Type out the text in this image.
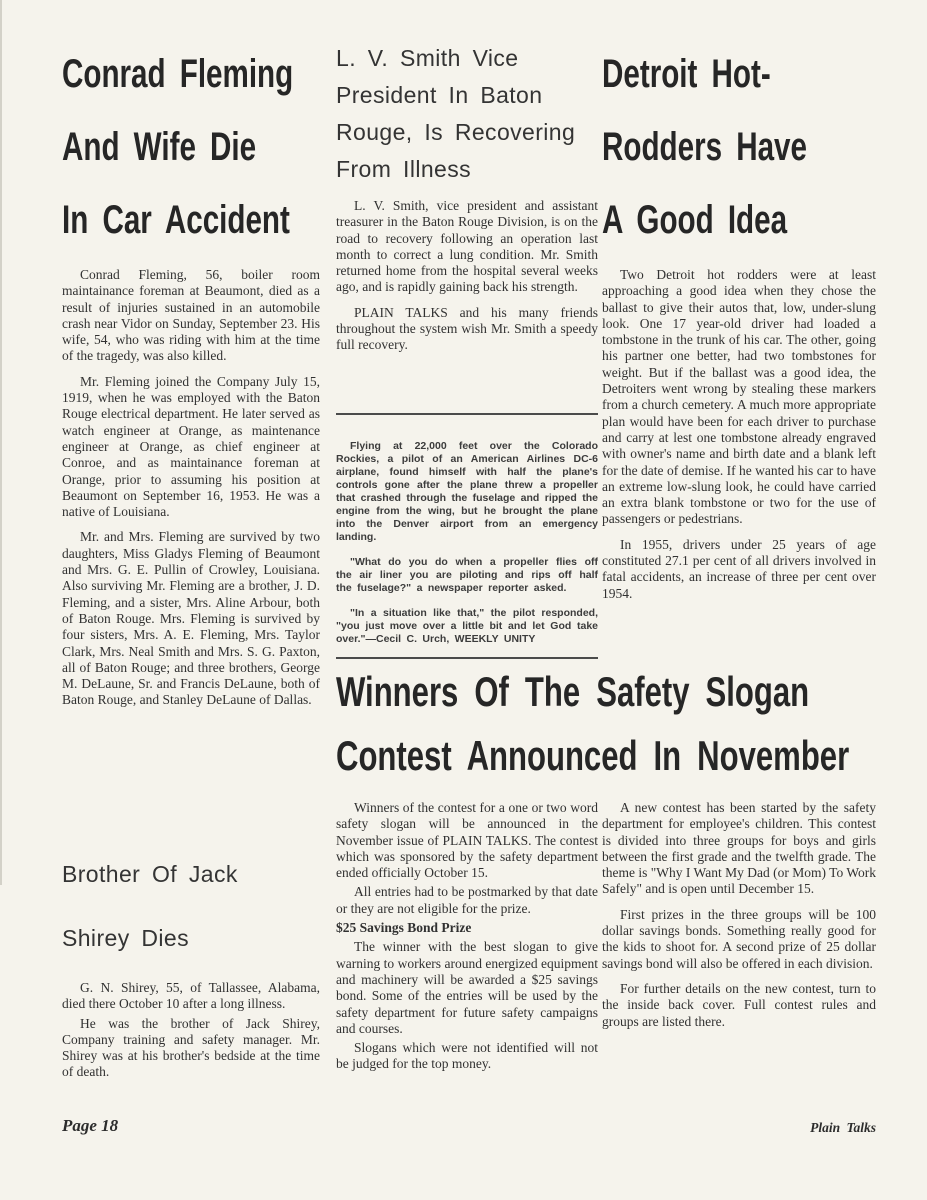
Conrad Fleming
And Wife Die
In Car Accident

Conrad Fleming, 56, boiler room maintainance foreman at Beaumont, died as a result of injuries sustained in an automobile crash near Vidor on Sunday, September 23. His wife, 54, who was riding with him at the time of the tragedy, was also killed.

Mr. Fleming joined the Company July 15, 1919, when he was employed with the Baton Rouge electrical department. He later served as watch engineer at Orange, as maintenance engineer at Orange, as chief engineer at Conroe, and as maintainance foreman at Orange, prior to assuming his position at Beaumont on September 16, 1953. He was a native of Louisiana.

Mr. and Mrs. Fleming are survived by two daughters, Miss Gladys Fleming of Beaumont and Mrs. G. E. Pullin of Crowley, Louisiana. Also surviving Mr. Fleming are a brother, J. D. Fleming, and a sister, Mrs. Aline Arbour, both of Baton Rouge. Mrs. Fleming is survived by four sisters, Mrs. A. E. Fleming, Mrs. Taylor Clark, Mrs. Neal Smith and Mrs. S. G. Paxton, all of Baton Rouge; and three brothers, George M. DeLaune, Sr. and Francis DeLaune, both of Baton Rouge, and Stanley DeLaune of Dallas.

L. V. Smith Vice
President In Baton
Rouge, Is Recovering
From Illness

L. V. Smith, vice president and assistant treasurer in the Baton Rouge Division, is on the road to recovery following an operation last month to correct a lung condition. Mr. Smith returned home from the hospital several weeks ago, and is rapidly gaining back his strength.

PLAIN TALKS and his many friends throughout the system wish Mr. Smith a speedy full recovery.

Flying at 22,000 feet over the Colorado Rockies, a pilot of an American Airlines DC-6 airplane, found himself with half the plane's controls gone after the plane threw a propeller that crashed through the fuselage and ripped the engine from the wing, but he brought the plane into the Denver airport from an emergency landing.

"What do you do when a propeller flies off the air liner you are piloting and rips off half the fuselage?" a newspaper reporter asked.

"In a situation like that," the pilot responded, "you just move over a little bit and let God take over."—Cecil C. Urch, WEEKLY UNITY

Detroit Hot-
Rodders Have
A Good Idea

Two Detroit hot rodders were at least approaching a good idea when they chose the ballast to give their autos that, low, under-slung look. One 17 year-old driver had loaded a tombstone in the trunk of his car. The other, going his partner one better, had two tombstones for weight. But if the ballast was a good idea, the Detroiters went wrong by stealing these markers from a church cemetery. A much more appropriate plan would have been for each driver to purchase and carry at lest one tombstone already engraved with owner's name and birth date and a blank left for the date of demise. If he wanted his car to have an extreme low-slung look, he could have carried an extra blank tombstone or two for the use of passengers or pedestrians.

In 1955, drivers under 25 years of age constituted 27.1 per cent of all drivers involved in fatal accidents, an increase of three per cent over 1954.

Winners Of The Safety Slogan
Contest Announced In November

Winners of the contest for a one or two word safety slogan will be announced in the November issue of PLAIN TALKS. The contest which was sponsored by the safety department ended officially October 15.

All entries had to be postmarked by that date or they are not eligible for the prize.

$25 Savings Bond Prize

The winner with the best slogan to give warning to workers around energized equipment and machinery will be awarded a $25 savings bond. Some of the entries will be used by the safety department for future safety campaigns and courses.

Slogans which were not identified will not be judged for the top money.

A new contest has been started by the safety department for employee's children. This contest is divided into three groups for boys and girls between the first grade and the twelfth grade. The theme is "Why I Want My Dad (or Mom) To Work Safely" and is open until December 15.

First prizes in the three groups will be 100 dollar savings bonds. Something really good for the kids to shoot for. A second prize of 25 dollar savings bond will also be offered in each division.

For further details on the new contest, turn to the inside back cover. Full contest rules and groups are listed there.

Brother Of Jack
Shirey Dies

G. N. Shirey, 55, of Tallassee, Alabama, died there October 10 after a long illness.

He was the brother of Jack Shirey, Company training and safety manager. Mr. Shirey was at his brother's bedside at the time of death.

Page 18	Plain Talks
